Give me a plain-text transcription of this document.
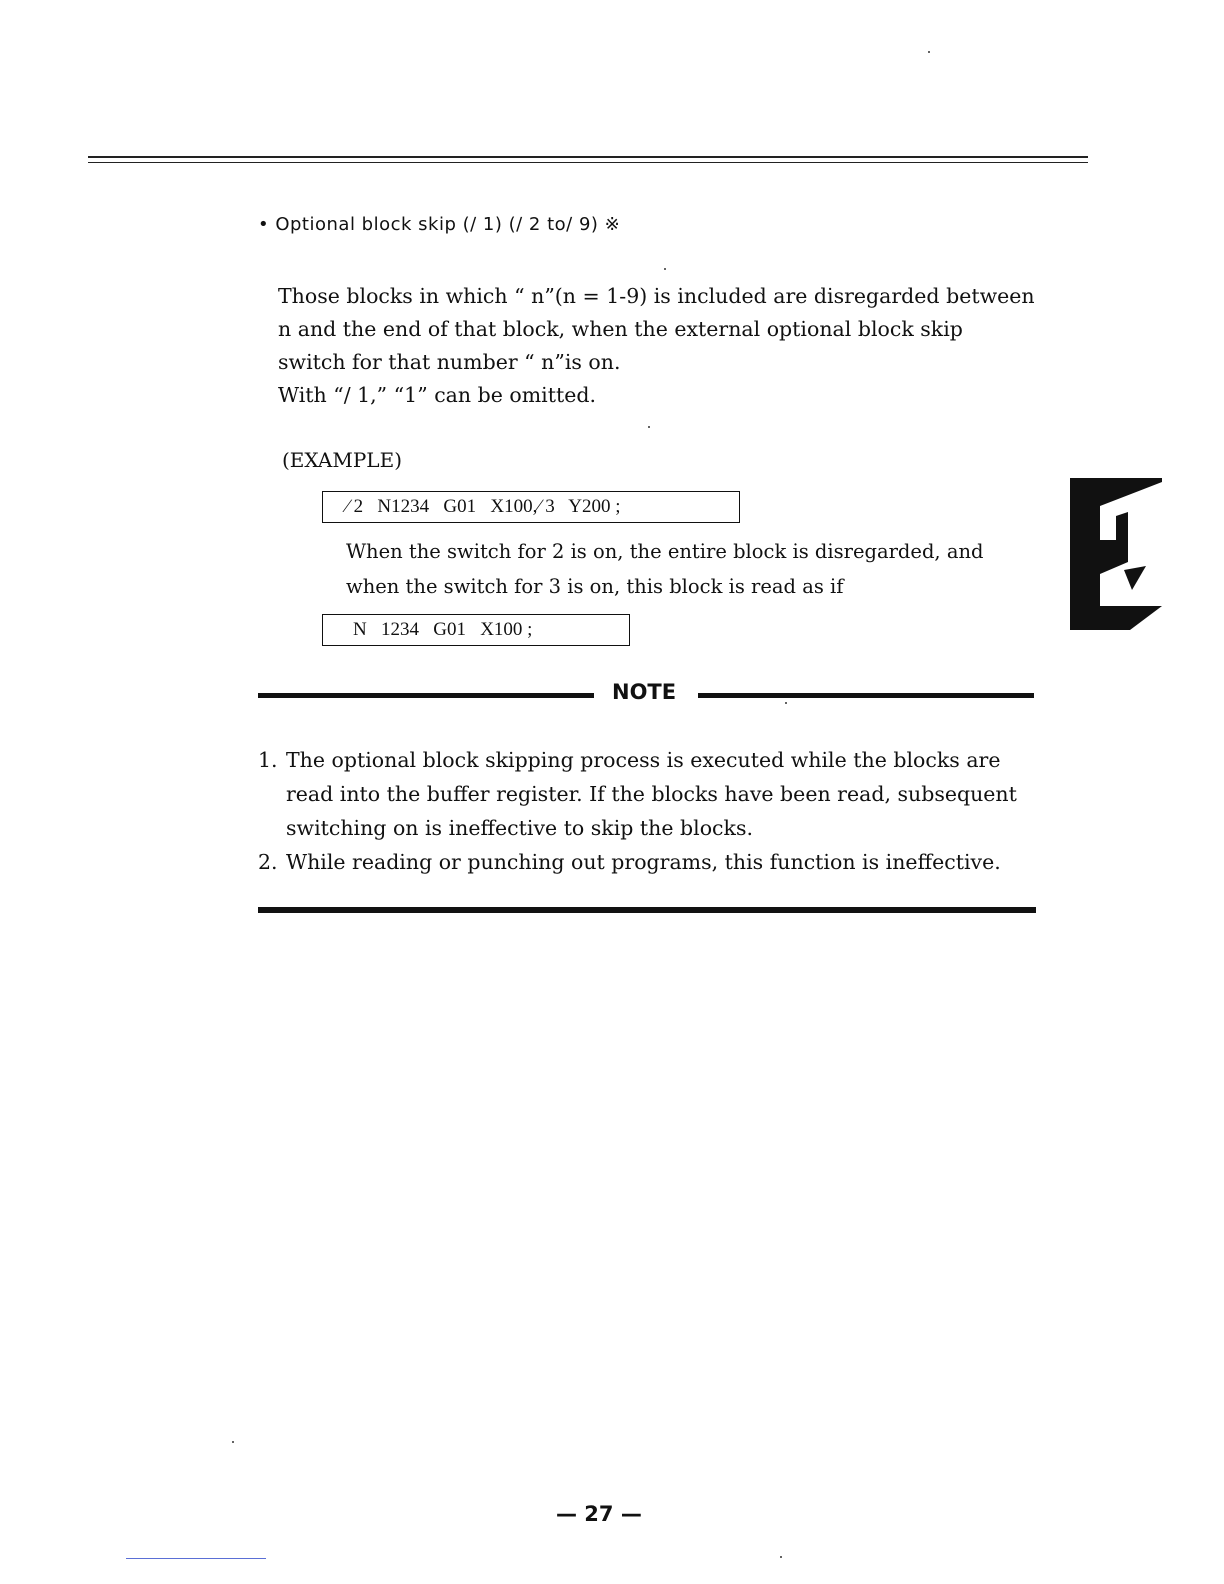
• Optional block skip (∕ 1) (∕ 2 to∕ 9) ※
Those blocks in which “ n”(n = 1-9) is included are disregarded between
n and the end of that block, when the external optional block skip
switch for that number “ n”is on.
With “∕ 1,” “1” can be omitted.
(EXAMPLE)
∕ 2   N1234   G01   X100,∕ 3   Y200 ;
When the switch for 2 is on, the entire block is disregarded, and
when the switch for 3 is on, this block is read as if
N   1234   G01   X100 ;
NOTE
1. The optional block skipping process is executed while the blocks are
read into the buffer register. If the blocks have been read, subsequent
switching on is ineffective to skip the blocks.
2. While reading or punching out programs, this function is ineffective.
— 27 —
